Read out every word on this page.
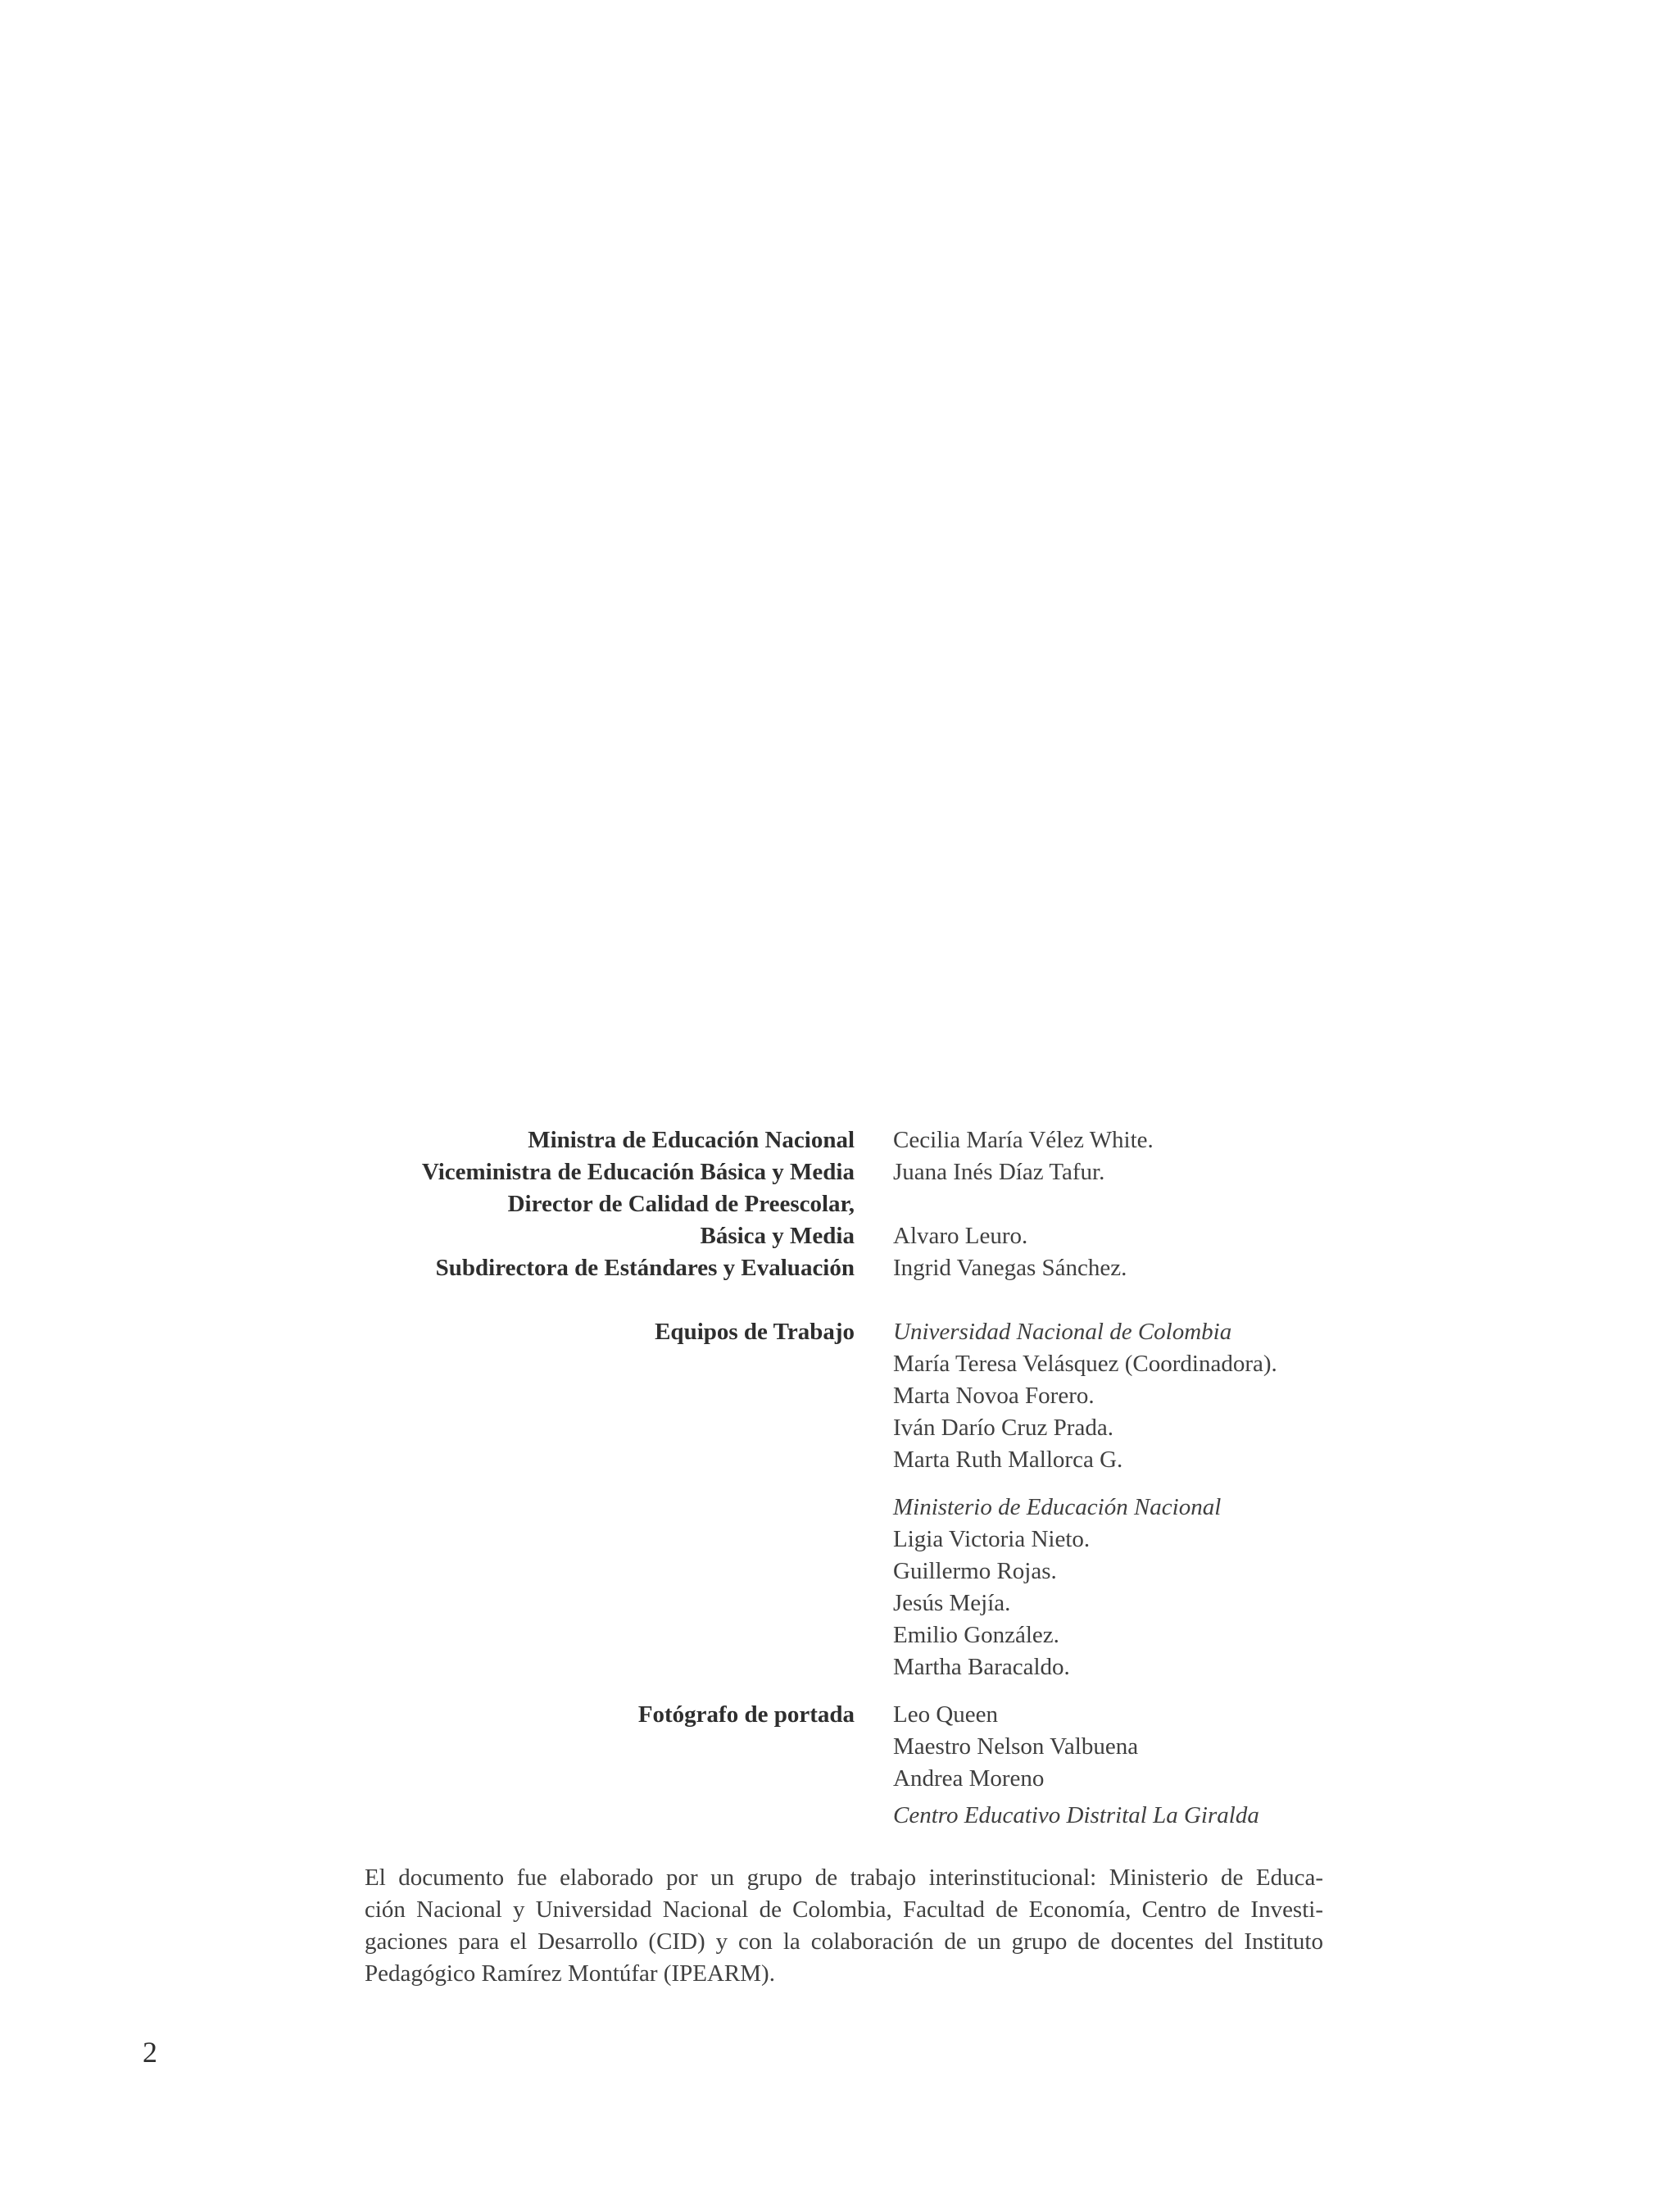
Ministra de Educación Nacional Cecilia María Vélez White.
Viceministra de Educación Básica y Media Juana Inés Díaz Tafur.
Director de Calidad de Preescolar,
Básica y Media Alvaro Leuro.
Subdirectora de Estándares y Evaluación Ingrid Vanegas Sánchez.
Equipos de Trabajo Universidad Nacional de Colombia
María Teresa Velásquez (Coordinadora).
Marta Novoa Forero.
Iván Darío Cruz Prada.
Marta Ruth Mallorca G.
Ministerio de Educación Nacional
Ligia Victoria Nieto.
Guillermo Rojas.
Jesús Mejía.
Emilio González.
Martha Baracaldo.
Fotógrafo de portada Leo Queen
Maestro Nelson Valbuena
Andrea Moreno
Centro Educativo Distrital La Giralda
El documento fue elaborado por un grupo de trabajo interinstitucional: Ministerio de Educa-
ción Nacional y Universidad Nacional de Colombia, Facultad de Economía, Centro de Investi-
gaciones para el Desarrollo (CID) y con la colaboración de un grupo de docentes del Instituto
Pedagógico Ramírez Montúfar (IPEARM).
2
